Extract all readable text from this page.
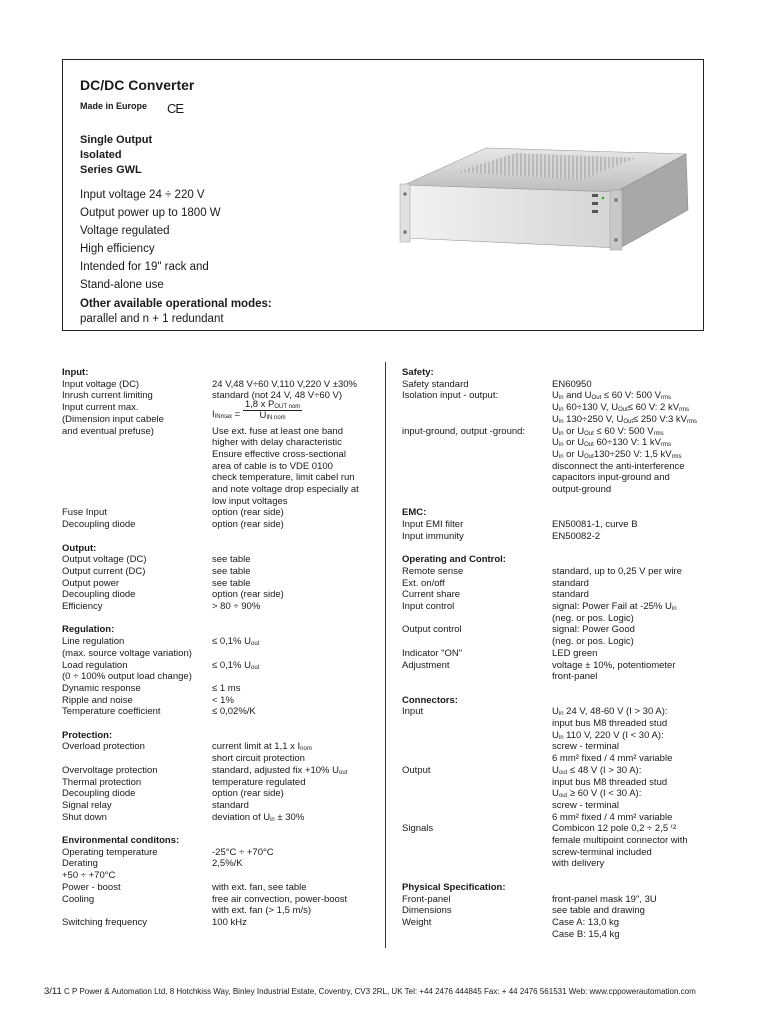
DC/DC Converter
Made in Europe CE
Single Output
Isolated
Series GWL
Input voltage 24 ÷ 220 V
Output power up to 1800 W
Voltage regulated
High efficiency
Intended for 19" rack and
Stand-alone use
Other available operational modes:
parallel and n + 1 redundant
Input:
Input voltage (DC)	24 V,48 V÷60 V,110 V,220 V ±30%
Inrush current limiting	standard (not 24 V, 48 V÷60 V)
Input current max.
(Dimension input cabele	$I_{INmax} = \frac{1,8 x P_{OUT nom}}{U_{IN nom}}$
and eventual prefuse)	Use ext. fuse at least one band
higher with delay characteristic
Ensure effective cross-sectional
area of cable is to VDE 0100
check temperature, limit cabel run
and note voltage drop especially at
low input voltages
Fuse Input	option (rear side)
Decoupling diode	option (rear side)
Output:
Output voltage (DC)	see table
Output current (DC)	see table
Output power	see table
Decoupling diode	option (rear side)
Efficiency	> 80 ÷ 90%
Regulation:
Line regulation	≤ 0,1% $U_{out}$
(max. source voltage variation)
Load regulation	≤ 0,1% $U_{out}$
(0 ÷ 100% output load change)
Dynamic response	≤ 1 ms
Ripple and noise	< 1%
Temperature coefficient	≤ 0,02%/K
Protection:
Overload protection	current limit at 1,1 x $I_{nom}$
short circuit protection
Overvoltage protection	standard, adjusted fix +10% $U_{out}$
Thermal protection	temperature regulated
Decoupling diode	option (rear side)
Signal relay	standard
Shut down	deviation of $U_{in} \pm 30\%$
Environmental conditons:
Operating temperature	-25°C ÷ +70°C
Derating	2,5%/K
+50 ÷ +70°C
Power - boost	with ext. fan, see table
Cooling	free air convection, power-boost
with ext. fan (> 1,5 m/s)
Switching frequency	100 kHz
Safety:
Safety standard	EN60950
Isolation input - output:	$U_{in}$ and $U_{Out} \le 60$ V: 500 $V_{rms}$
$U_{in}$ 60÷130 V, $U_{Out}\le 60$ V: 2 $kV_{rms}$
$U_{in}$ 130÷250 V, $U_{Out}\le 250$ V:3 $kV_{rms}$
input-ground, output -ground:	$U_{in}$ or $U_{Out} \le 60$ V: 500 $V_{rms}$
$U_{in}$ or $U_{Out}$ 60÷130 V: 1 $kV_{rms}$
$U_{in}$ or $U_{Out}130\div 250$ V: 1,5 $kV_{rms}$
disconnect the anti-interference
capacitors input-ground and
output-ground
EMC:
Input EMI filter	EN50081-1, curve B
Input immunity	EN50082-2
Operating and Control:
Remote sense	standard, up to 0,25 V per wire
Ext. on/off	standard
Current share	standard
Input control	signal: Power Fail at -25% $U_{in}$
(neg. or pos. Logic)
Output control	signal: Power Good
(neg. or pos. Logic)
Indicator "ON"	LED green
Adjustment	voltage ± 10%, potentiometer
front-panel
Connectors:
Input	$U_{in}$ 24 V, 48-60 V (I > 30 A):
input bus M8 threaded stud
$U_{in}$ 110 V, 220 V (I < 30 A):
screw - terminal
6 mm² fixed / 4 mm² variable
Output	$U_{out} \le 48$ V (I > 30 A):
input bus M8 threaded stud
$U_{out} \ge 60$ V (I < 30 A):
screw - terminal
6 mm² fixed / 4 mm² variable
Signals	Combicon 12 pole 0,2 ÷ 2,5 ⁽²
female multipoint connector with
screw-terminal included
with delivery
Physical Specification:
Front-panel	front-panel mask 19", 3U
Dimensions	see table and drawing
Weight	Case A: 13,0 kg
Case B: 15,4 kg
3/11 C P Power & Automation Ltd, 8 Hotchkiss Way, Binley Industrial Estate, Coventry, CV3 2RL, UK Tel: +44 2476 444845 Fax: + 44 2476 561531 Web: www.cppowerautomation.com
